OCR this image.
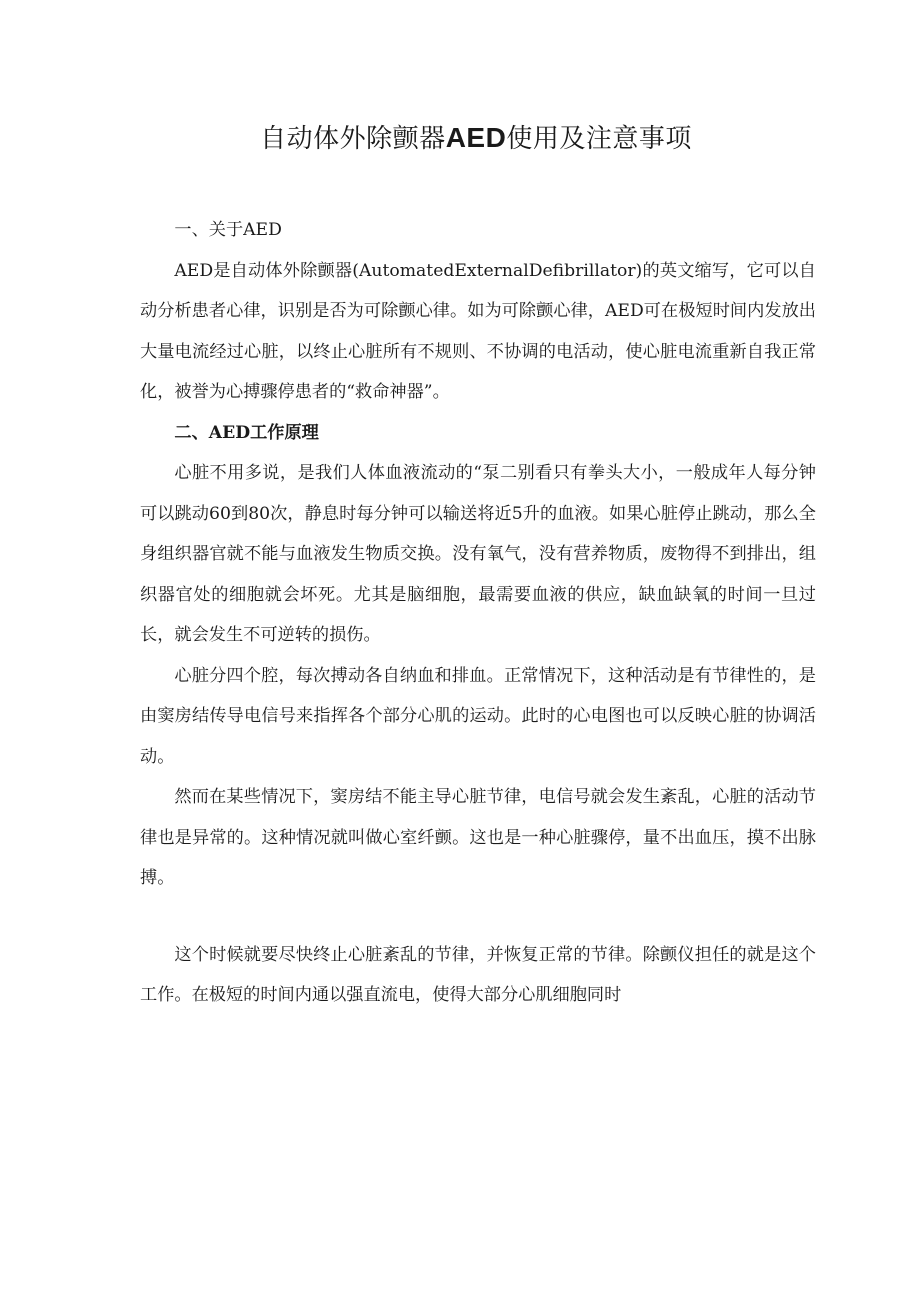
自动体外除颤器AED使用及注意事项

一、关于AED

AED是自动体外除颤器(AutomatedExternalDefibrillator)的英文缩写，它可以自动分析患者心律，识别是否为可除颤心律。如为可除颤心律，AED可在极短时间内发放出大量电流经过心脏，以终止心脏所有不规则、不协调的电活动，使心脏电流重新自我正常化，被誉为心搏骤停患者的“救命神器”。

二、AED工作原理

心脏不用多说，是我们人体血液流动的“泵二别看只有拳头大小，一般成年人每分钟可以跳动60到80次，静息时每分钟可以输送将近5升的血液。如果心脏停止跳动，那么全身组织器官就不能与血液发生物质交换。没有氧气，没有营养物质，废物得不到排出，组织器官处的细胞就会坏死。尤其是脑细胞，最需要血液的供应，缺血缺氧的时间一旦过长，就会发生不可逆转的损伤。

心脏分四个腔，每次搏动各自纳血和排血。正常情况下，这种活动是有节律性的，是由窦房结传导电信号来指挥各个部分心肌的运动。此时的心电图也可以反映心脏的协调活动。

然而在某些情况下，窦房结不能主导心脏节律，电信号就会发生紊乱，心脏的活动节律也是异常的。这种情况就叫做心室纤颤。这也是一种心脏骤停，量不出血压，摸不出脉搏。

这个时候就要尽快终止心脏紊乱的节律，并恢复正常的节律。除颤仪担任的就是这个工作。在极短的时间内通以强直流电，使得大部分心肌细胞同时
